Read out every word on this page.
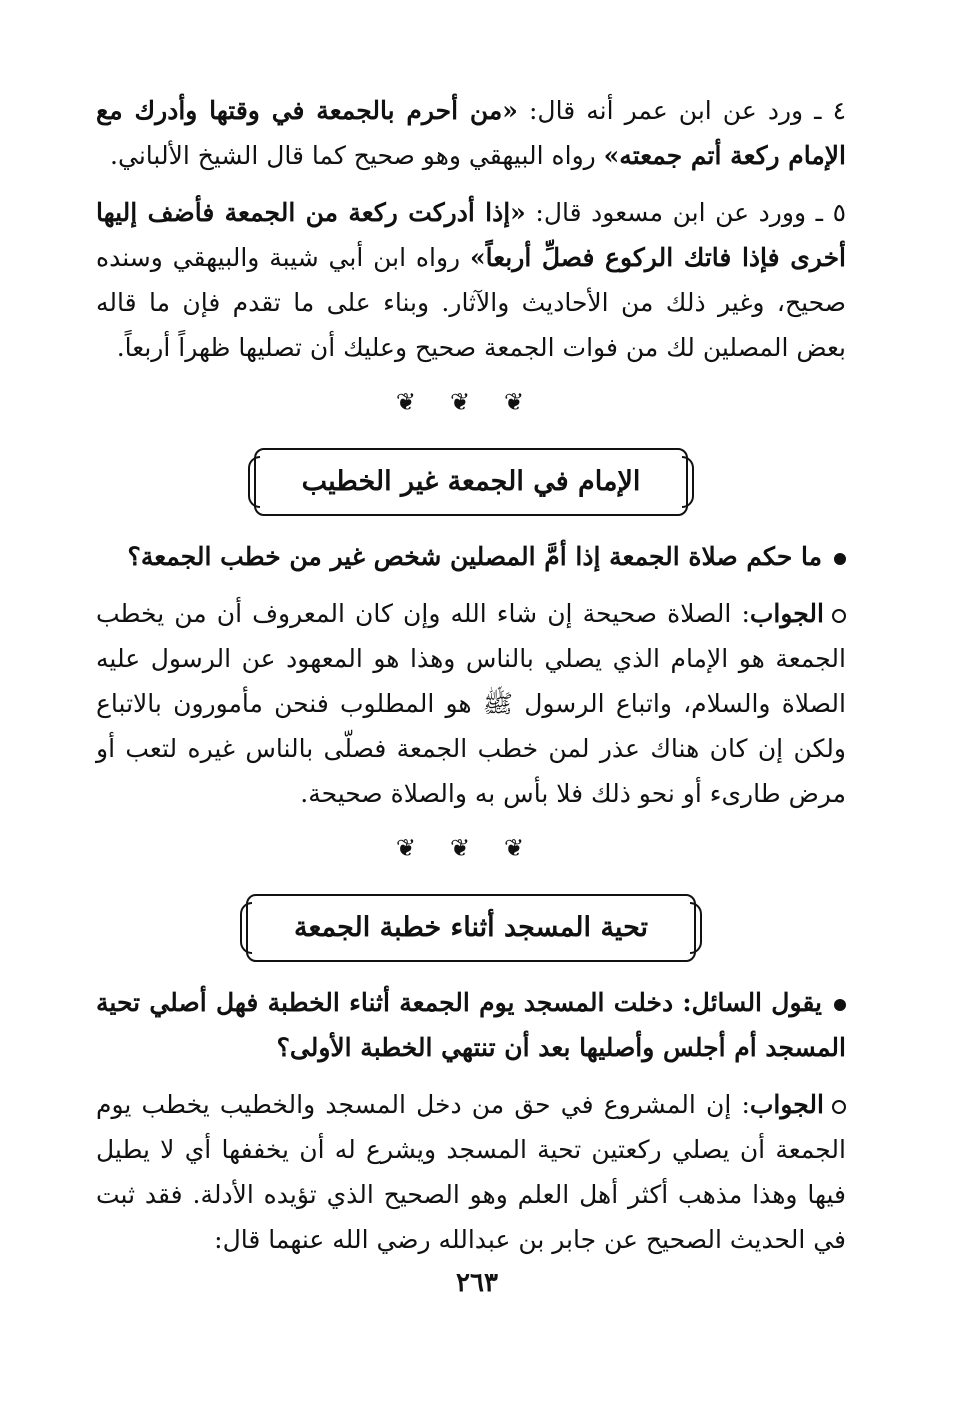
٤ ـ ورد عن ابن عمر أنه قال: «من أحرم بالجمعة في وقتها وأدرك مع الإمام ركعة أتم جمعته» رواه البيهقي وهو صحيح كما قال الشيخ الألباني.

٥ ـ وورد عن ابن مسعود قال: «إذا أدركت ركعة من الجمعة فأضف إليها أخرى فإذا فاتك الركوع فصلِّ أربعاً» رواه ابن أبي شيبة والبيهقي وسنده صحيح، وغير ذلك من الأحاديث والآثار. وبناء على ما تقدم فإن ما قاله بعض المصلين لك من فوات الجمعة صحيح وعليك أن تصليها ظهراً أربعاً.

❦ ❦ ❦
الإمام في الجمعة غير الخطيب

ما حكم صلاة الجمعة إذا أمَّ المصلين شخص غير من خطب الجمعة؟

الجواب: الصلاة صحيحة إن شاء الله وإن كان المعروف أن من يخطب الجمعة هو الإمام الذي يصلي بالناس وهذا هو المعهود عن الرسول عليه الصلاة والسلام، واتباع الرسول ﷺ هو المطلوب فنحن مأمورون بالاتباع ولكن إن كان هناك عذر لمن خطب الجمعة فصلّى بالناس غيره لتعب أو مرض طارىء أو نحو ذلك فلا بأس به والصلاة صحيحة.

❦ ❦ ❦
تحية المسجد أثناء خطبة الجمعة

يقول السائل: دخلت المسجد يوم الجمعة أثناء الخطبة فهل أصلي تحية المسجد أم أجلس وأصليها بعد أن تنتهي الخطبة الأولى؟

الجواب: إن المشروع في حق من دخل المسجد والخطيب يخطب يوم الجمعة أن يصلي ركعتين تحية المسجد ويشرع له أن يخففها أي لا يطيل فيها وهذا مذهب أكثر أهل العلم وهو الصحيح الذي تؤيده الأدلة. فقد ثبت في الحديث الصحيح عن جابر بن عبدالله رضي الله عنهما قال:

٢٦٣
